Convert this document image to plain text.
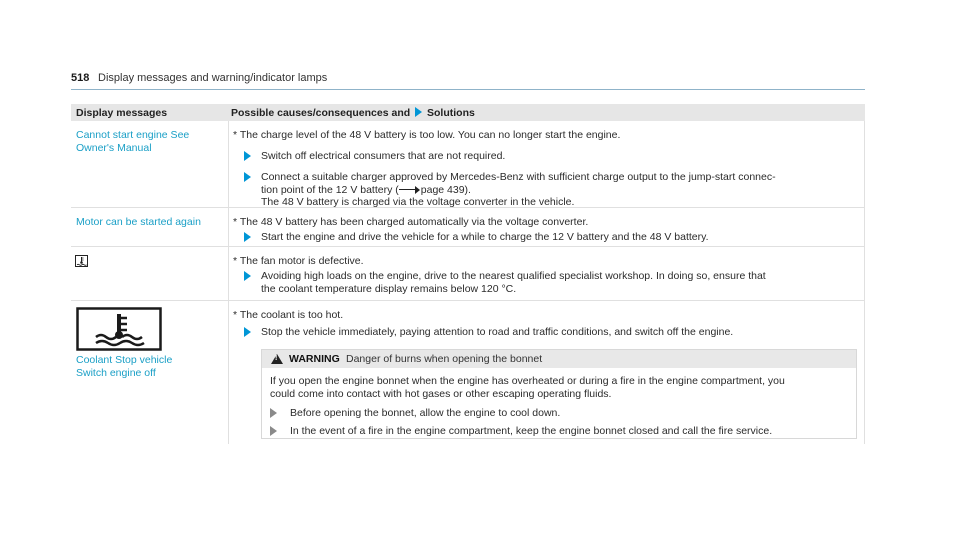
518 Display messages and warning/indicator lamps
Display messages	Possible causes/consequences and Solutions
Cannot start engine See
Owner's Manual
* The charge level of the 48 V battery is too low. You can no longer start the engine.
Switch off electrical consumers that are not required.
Connect a suitable charger approved by Mercedes-Benz with sufficient charge output to the jump-start connec-
tion point of the 12 V battery ( page 439).
The 48 V battery is charged via the voltage converter in the vehicle.
Motor can be started again	* The 48 V battery has been charged automatically via the voltage converter.
Start the engine and drive the vehicle for a while to charge the 12 V battery and the 48 V battery.
* The fan motor is defective.
Avoiding high loads on the engine, drive to the nearest qualified specialist workshop. In doing so, ensure that
the coolant temperature display remains below 120 °C.
Coolant Stop vehicle
Switch engine off
* The coolant is too hot.
Stop the vehicle immediately, paying attention to road and traffic conditions, and switch off the engine.
!
WARNING Danger of burns when opening the bonnet
If you open the engine bonnet when the engine has overheated or during a fire in the engine compartment, you
could come into contact with hot gases or other escaping operating fluids.
Before opening the bonnet, allow the engine to cool down.
In the event of a fire in the engine compartment, keep the engine bonnet closed and call the fire service.
